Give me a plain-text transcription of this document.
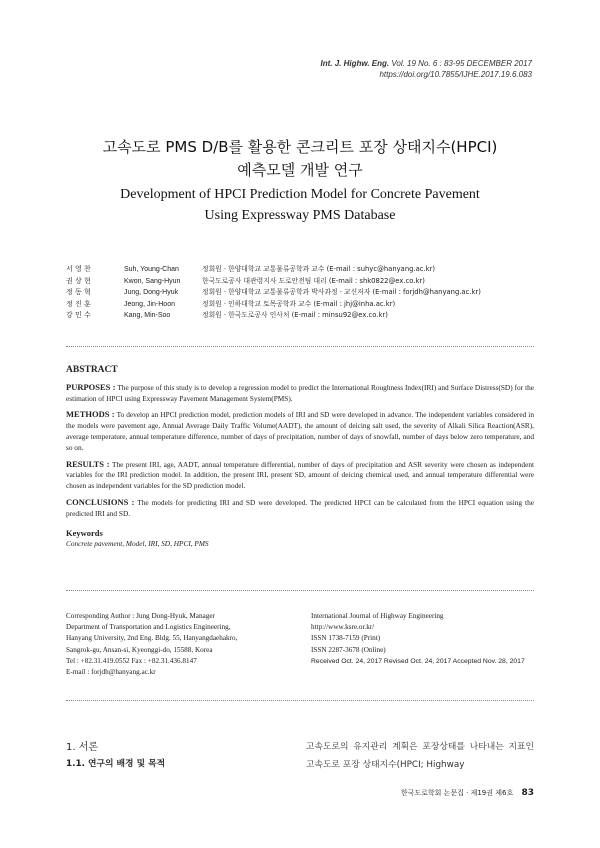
Int. J. Highw. Eng. Vol. 19 No. 6 : 83-95 DECEMBER 2017
https://doi.org/10.7855/IJHE.2017.19.6.083
고속도로 PMS D/B를 활용한 콘크리트 포장 상태지수(HPCI)
예측모델 개발 연구
Development of HPCI Prediction Model for Concrete Pavement
Using Expressway PMS Database
서 영 찬	Suh, Young-Chan	정회원 · 한양대학교 교통물류공학과 교수 (E-mail : suhyc@hanyang.ac.kr)
권 상 현	Kwon, Sang-Hyun	한국도로공사 대관령지사 도로안전팀 대리 (E-mail : shk0822@ex.co.kr)
정 동 혁	Jung, Dong-Hyuk	정회원 · 한양대학교 교통물류공학과 박사과정 · 교신저자 (E-mail : forjdh@hanyang.ac.kr)
정 진 훈	Jeong, Jin-Hoon	정회원 · 인하대학교 토목공학과 교수 (E-mail : jhj@inha.ac.kr)
강 민 수	Kang, Min-Soo	정회원 · 한국도로공사 인사처 (E-mail : minsu92@ex.co.kr)
ABSTRACT

PURPOSES : The purpose of this study is to develop a regression model to predict the International Roughness Index(IRI) and Surface Distress(SD) for the estimation of HPCI using Expressway Pavement Management System(PMS).

METHODS : To develop an HPCI prediction model, prediction models of IRI and SD were developed in advance. The independent variables considered in the models were pavement age, Annual Average Daily Traffic Volume(AADT), the amount of deicing salt used, the severity of Alkali Silica Reaction(ASR), average temperature, annual temperature difference, number of days of precipitation, number of days of snowfall, number of days below zero temperature, and so on.

RESULTS : The present IRI, age, AADT, annual temperature differential, number of days of precipitation and ASR severity were chosen as independent variables for the IRI prediction model. In addition, the present IRI, present SD, amount of deicing chemical used, and annual temperature differential were chosen as independent variables for the SD prediction model.

CONCLUSIONS : The models for predicting IRI and SD were developed. The predicted HPCI can be calculated from the HPCI equation using the predicted IRI and SD.

Keywords
Concrete pavement, Model, IRI, SD, HPCI, PMS
Corresponding Author : Jung Dong-Hyuk, Manager
Department of Transportation and Logistics Engineering,
Hanyang University, 2nd Eng. Bldg. 55, Hanyangdaehakro,
Sangrok-gu, Ansan-si, Kyeonggi-do, 15588, Korea
Tel : +82.31.419.0552 Fax : +82.31.436.8147
E-mail : forjdh@hanyang.ac.kr
International Journal of Highway Engineering
http://www.ksre.or.kr/
ISSN 1738-7159 (Print)
ISSN 2287-3678 (Online)
Received Oct. 24, 2017 Revised Oct. 24, 2017 Accepted Nov. 28, 2017
1. 서론
1.1. 연구의 배경 및 목적
고속도로의 유지관리 계획은 포장상태를 나타내는 지표인 고속도로 포장 상태지수(HPCI; Highway
한국도로학회 논문집 · 제19권 제6호 83
